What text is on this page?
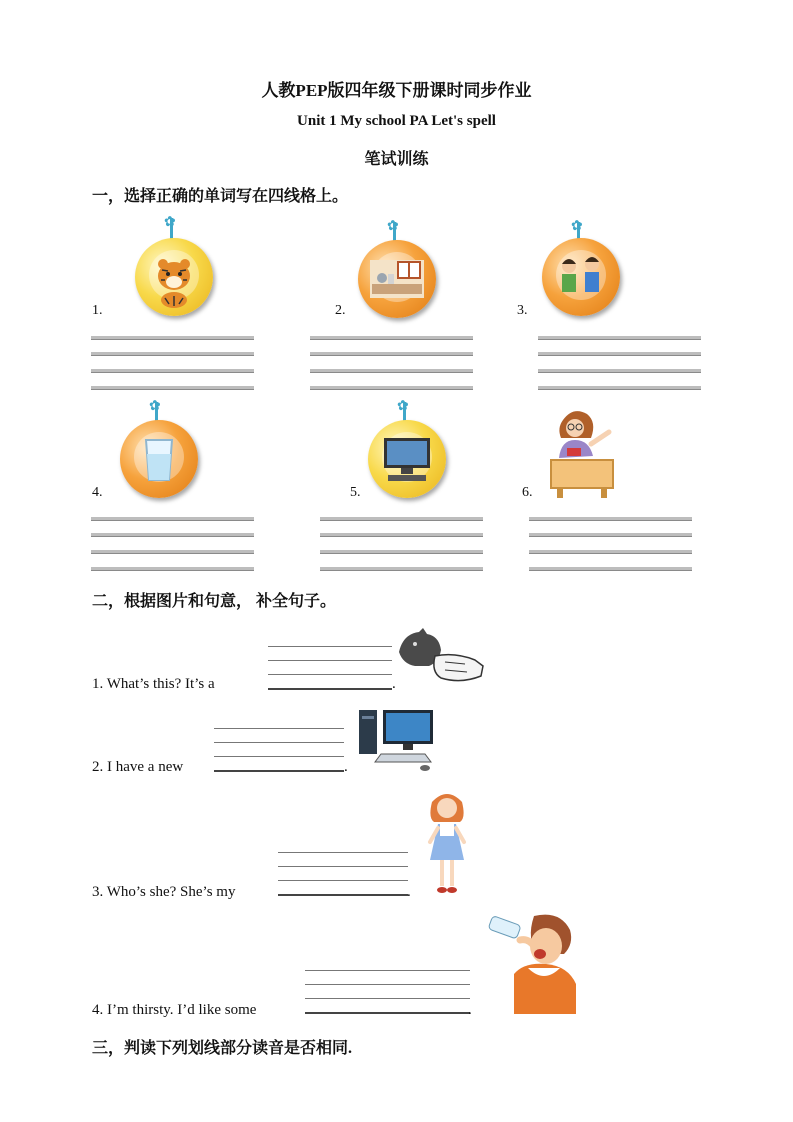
人教PEP版四年级下册课时同步作业
Unit 1 My school PA Let's spell
笔试训练
一，选择正确的单词写在四线格上。
✿
1.
✿
2.
✿
3.
✿
4.
✿
5.	6.
二，根据图片和句意， 补全句子。
1. What’s this? It’s a	.
2. I have a new	.
3. Who’s she? She’s my	.
4. I’m thirsty. I’d like some	.
三，判读下列划线部分读音是否相同.
